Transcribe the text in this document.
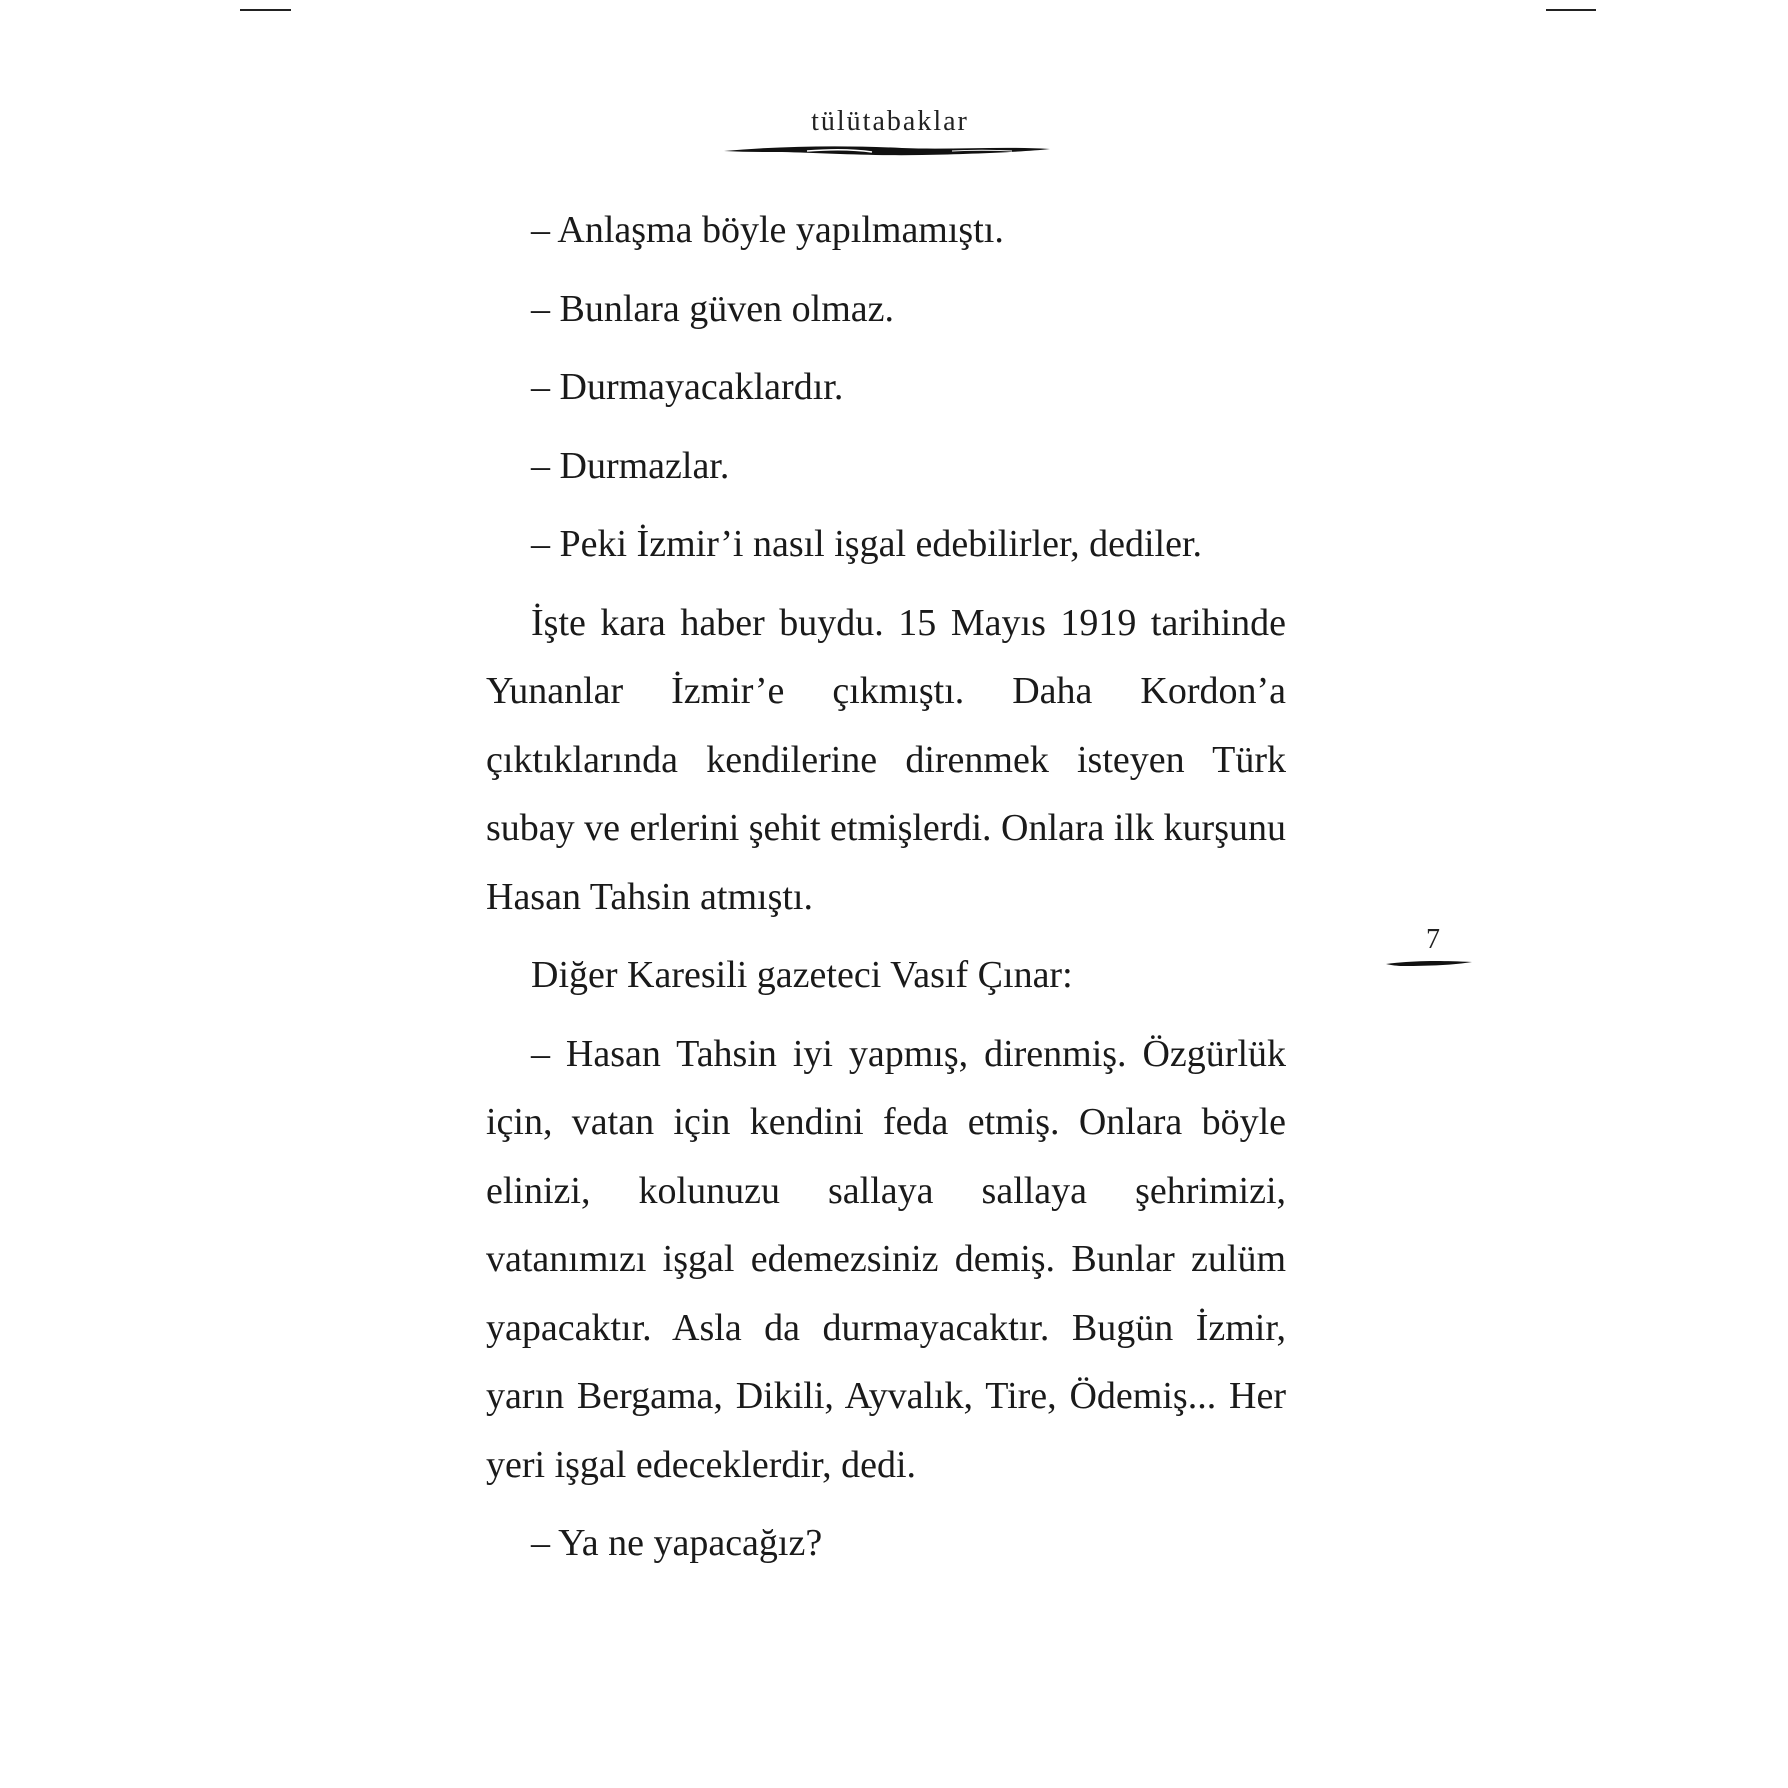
tülütabaklar

– Anlaşma böyle yapılmamıştı.

– Bunlara güven olmaz.

– Durmayacaklardır.

– Durmazlar.

– Peki İzmir’i nasıl işgal edebilirler, dediler.

İşte kara haber buydu. 15 Mayıs 1919 tarihinde Yunanlar İzmir’e çıkmıştı. Daha Kordon’a çıktıklarında kendilerine direnmek isteyen Türk subay ve erlerini şehit etmişlerdi. Onlara ilk kurşunu Hasan Tahsin atmıştı.

Diğer Karesili gazeteci Vasıf Çınar:

– Hasan Tahsin iyi yapmış, direnmiş. Özgürlük için, vatan için kendini feda etmiş. Onlara böyle elinizi, kolunuzu sallaya sallaya şehrimizi, vatanımızı işgal edemezsiniz demiş. Bunlar zulüm yapacaktır. Asla da durmayacaktır. Bugün İzmir, yarın Bergama, Dikili, Ayvalık, Tire, Ödemiş... Her yeri işgal edeceklerdir, dedi.

– Ya ne yapacağız?

7
